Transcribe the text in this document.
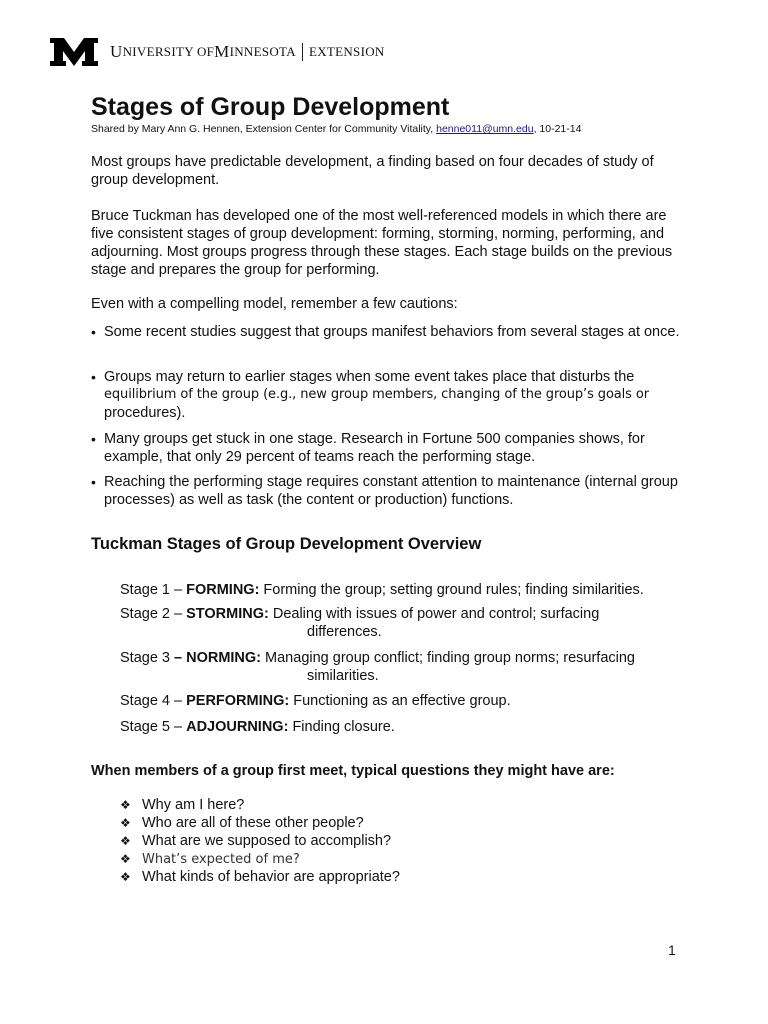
U NIVERSITY OF M INNESOTA EXTENSION
Stages of Group Development
Shared by Mary Ann G. Hennen, Extension Center for Community Vitality, henne011@umn.edu, 10-21-14

Most groups have predictable development, a finding based on four decades of study of group development.

Bruce Tuckman has developed one of the most well-referenced models in which there are five consistent stages of group development: forming, storming, norming, performing, and adjourning. Most groups progress through these stages. Each stage builds on the previous stage and prepares the group for performing.

Even with a compelling model, remember a few cautions:

• Some recent studies suggest that groups manifest behaviors from several stages at once.
• Groups may return to earlier stages when some event takes place that disturbs the
equilibrium of the group (e.g., new group members, changing of the group’s goals or
procedures).
• Many groups get stuck in one stage. Research in Fortune 500 companies shows, for example, that only 29 percent of teams reach the performing stage.
• Reaching the performing stage requires constant attention to maintenance (internal group processes) as well as task (the content or production) functions.
Tuckman Stages of Group Development Overview
Stage 1 – FORMING: Forming the group; setting ground rules; finding similarities.
Stage 2 – STORMING: Dealing with issues of power and control; surfacing
differences.
Stage 3 – NORMING: Managing group conflict; finding group norms; resurfacing
similarities.
Stage 4 – PERFORMING: Functioning as an effective group.
Stage 5 – ADJOURNING: Finding closure.
When members of a group first meet, typical questions they might have are:
❖ Why am I here?
❖ Who are all of these other people?
❖ What are we supposed to accomplish?
❖ What’s expected of me?
❖ What kinds of behavior are appropriate?
1
